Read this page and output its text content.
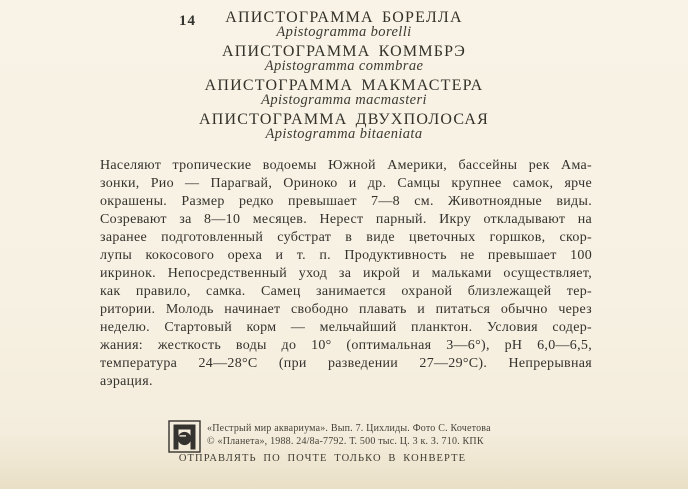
14	АПИСТОГРАММА БОРЕЛЛА
Apistogramma borelli
АПИСТОГРАММА КОММБРЭ
Apistogramma commbrae
АПИСТОГРАММА МАКМАСТЕРА
Apistogramma macmasteri
АПИСТОГРАММА ДВУХПОЛОСАЯ
Apistogramma bitaeniata
Населяют тропические водоемы Южной Америки, бассейны рек Ама-
зонки, Рио — Парагвай, Ориноко и др. Самцы крупнее самок, ярче
окрашены. Размер редко превышает 7—8 см. Животноядные виды.
Созревают за 8—10 месяцев. Нерест парный. Икру откладывают на
заранее подготовленный субстрат в виде цветочных горшков, скор-
лупы кокосового ореха и т. п. Продуктивность не превышает 100
икринок. Непосредственный уход за икрой и мальками осуществляет,
как правило, самка. Самец занимается охраной близлежащей тер-
ритории. Молодь начинает свободно плавать и питаться обычно через
неделю. Стартовый корм — мельчайший планктон. Условия содер-
жания: жесткость воды до 10° (оптимальная 3—6°), pH 6,0—6,5,
температура 24—28°С (при разведении 27—29°С). Непрерывная
аэрация.
«Пестрый мир аквариума». Вып. 7. Цихлиды. Фото С. Кочетова
© «Планета», 1988. 24/8а-7792. Т. 500 тыс. Ц. 3 к. З. 710. КПК
ОТПРАВЛЯТЬ ПО ПОЧТЕ ТОЛЬКО В КОНВЕРТЕ
